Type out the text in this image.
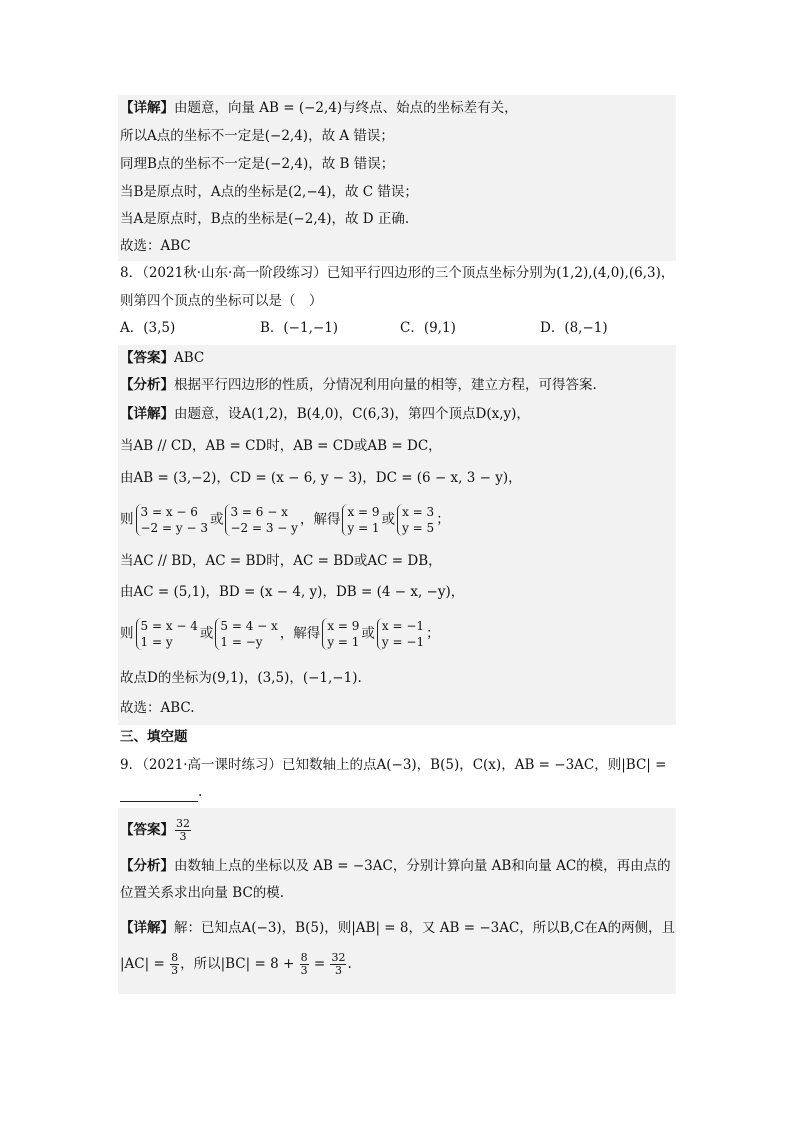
【详解】由题意，向量 AB = (−2,4)与终点、始点的坐标差有关，
所以A点的坐标不一定是(−2,4)，故 A 错误；
同理B点的坐标不一定是(−2,4)，故 B 错误；
当B是原点时，A点的坐标是(2,−4)，故 C 错误；
当A是原点时，B点的坐标是(−2,4)，故 D 正确.
故选：ABC
8．（2021秋·山东·高一阶段练习）已知平行四边形的三个顶点坐标分别为(1,2),(4,0),(6,3)，
则第四个顶点的坐标可以是（　）
A．(3,5)	B．(−1,−1)	C．(9,1)	D．(8,−1)
【答案】ABC
【分析】根据平行四边形的性质，分情况利用向量的相等，建立方程，可得答案.
【详解】由题意，设A(1,2)，B(4,0)，C(6,3)，第四个顶点D(x,y)，
当AB // CD，AB = CD时，AB = CD或AB = DC，
由AB = (3,−2)，CD = (x − 6, y − 3)，DC = (6 − x, 3 − y)，
则 3 = x − 6
−2 = y − 3
或 3 = 6 − x
−2 = 3 − y
，解得 x = 9
y = 1
或 x = 3
y = 5
；
当AC // BD，AC = BD时，AC = BD或AC = DB，
由AC = (5,1)，BD = (x − 4, y)，DB = (4 − x, −y)，
则 5 = x − 4
1 = y
或 5 = 4 − x
1 = −y
，解得 x = 9
y = 1
或 x = −1
y = −1
；
故点D的坐标为(9,1)，(3,5)，(−1,−1).
故选：ABC.
三、填空题
9．（2021·高一课时练习）已知数轴上的点A(−3)，B(5)，C(x)，AB = −3AC，则|BC| =
.
【答案】 $\frac{32}{3}$
【分析】由数轴上点的坐标以及 AB = −3AC，分别计算向量 AB和向量 AC的模，再由点的
位置关系求出向量 BC的模.
【详解】解：已知点A(−3)，B(5)，则|AB| = 8，又 AB = −3AC，所以B,C在A的两侧，且
$|AC| = \frac{8}{3}$ ，所以$|BC| = 8 + \frac{8}{3} = \frac{32}{3}$ .
